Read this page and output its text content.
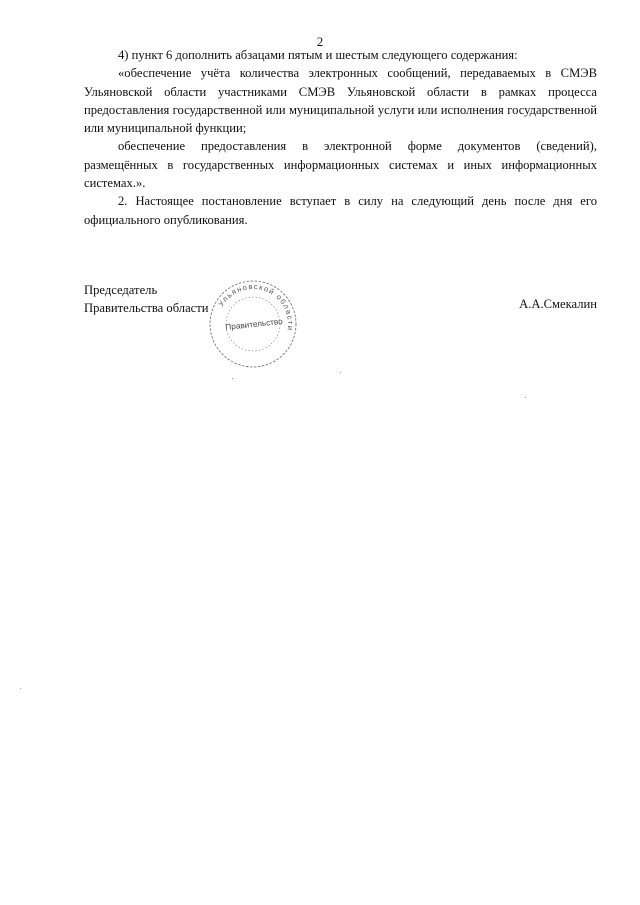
2

4) пункт 6 дополнить абзацами пятым и шестым следующего содержания:

«обеспечение учёта количества электронных сообщений, передаваемых в СМЭВ Ульяновской области участниками СМЭВ Ульяновской области в рамках процесса предоставления государственной или муниципальной услуги или исполнения государственной или муниципальной функции;

обеспечение предоставления в электронной форме документов (сведений), размещённых в государственных информационных системах и иных информационных системах.».

2. Настоящее постановление вступает в силу на следующий день после дня его официального опубликования.

Председатель
Правительства области Ульяновской области
Правительство
А.А.Смекалин
